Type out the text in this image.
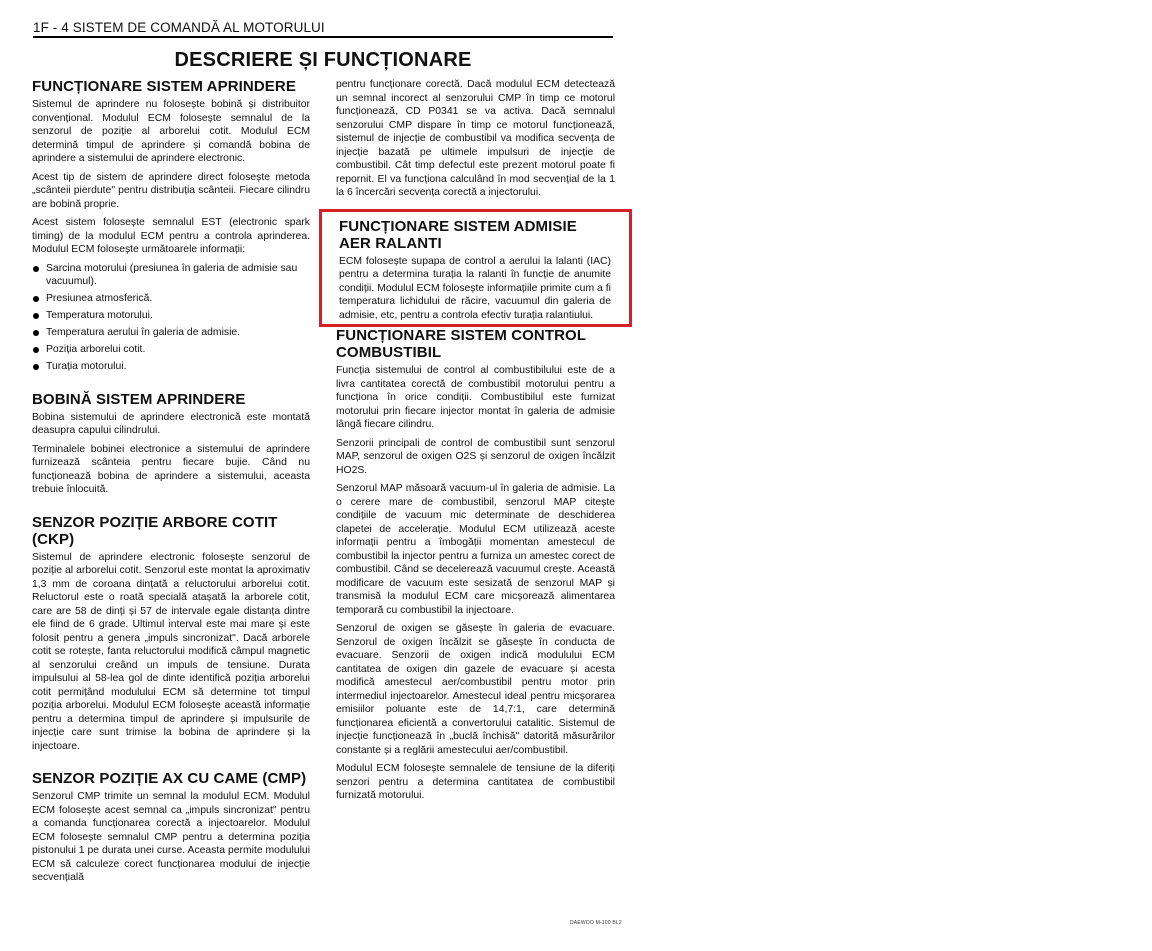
1F - 4 SISTEM DE COMANDĂ AL MOTORULUI
DESCRIERE ȘI FUNCȚIONARE
FUNCȚIONARE SISTEM APRINDERE

Sistemul de aprindere nu folosește bobină și distribuitor convențional. Modulul ECM folosește semnalul de la senzorul de poziție al arborelui cotit. Modulul ECM determină timpul de aprindere și comandă bobina de aprindere a sistemului de aprindere electronic.

Acest tip de sistem de aprindere direct folosește metoda „scânteii pierdute" pentru distribuția scânteii. Fiecare cilindru are bobină proprie.

Acest sistem folosește semnalul EST (electronic spark timing) de la modulul ECM pentru a controla aprinderea. Modulul ECM folosește următoarele informații:

Sarcina motorului (presiunea în galeria de admisie sau vacuumul).
Presiunea atmosferică.
Temperatura motorului.
Temperatura aerului în galeria de admisie.
Poziția arborelui cotit.
Turația motorului.
BOBINĂ SISTEM APRINDERE

Bobina sistemului de aprindere electronică este montată deasupra capului cilindrului.

Terminalele bobinei electronice a sistemului de aprindere furnizează scânteia pentru fiecare bujie. Când nu funcționează bobina de aprindere a sistemului, aceasta trebuie înlocuită.

SENZOR POZIȚIE ARBORE COTIT (CKP)

Sistemul de aprindere electronic folosește senzorul de poziție al arborelui cotit. Senzorul este montat la aproximativ 1,3 mm de coroana dințată a reluctorului arborelui cotit. Reluctorul este o roată specială atașată la arborele cotit, care are 58 de dinți și 57 de intervale egale distanța dintre ele fiind de 6 grade. Ultimul interval este mai mare și este folosit pentru a genera „impuls sincronizat". Dacă arborele cotit se rotește, fanta reluctorului modifică câmpul magnetic al senzorului creând un impuls de tensiune. Durata impulsului al 58-lea gol de dinte identifică poziția arborelui cotit permițând modulului ECM să determine tot timpul poziția arborelui. Modulul ECM folosește această informație pentru a determina timpul de aprindere și impulsurile de injecție care sunt trimise la bobina de aprindere și la injectoare.

SENZOR POZIȚIE AX CU CAME (CMP)

Senzorul CMP trimite un semnal la modulul ECM. Modulul ECM folosește acest semnal ca „impuls sincronizat" pentru a comanda funcționarea corectă a injectoarelor. Modulul ECM folosește semnalul CMP pentru a determina poziția pistonului 1 pe durata unei curse. Aceasta permite modulului ECM să calculeze corect funcționarea modului de injecție secvențială

pentru funcționare corectă. Dacă modulul ECM detectează un semnal incorect al senzorului CMP în timp ce motorul funcționează, CD P0341 se va activa. Dacă semnalul senzorului CMP dispare în timp ce motorul funcționează, sistemul de injecție de combustibil va modifica secvența de injecție bazată pe ultimele impulsuri de injecție de combustibil. Cât timp defectul este prezent motorul poate fi repornit. El va funcționa calculând în mod secvențial de la 1 la 6 încercări secvența corectă a injectorului.

FUNCȚIONARE SISTEM ADMISIE AER RALANTI

ECM folosește supapa de control a aerului la lalanti (IAC) pentru a determina turația la ralanti în funcție de anumite condiții. Modulul ECM folosește informațiile primite cum a fi temperatura lichidului de răcire, vacuumul din galeria de admisie, etc, pentru a controla efectiv turația ralantiului.

FUNCȚIONARE SISTEM CONTROL COMBUSTIBIL

Funcția sistemului de control al combustibilului este de a livra cantitatea corectă de combustibil motorului pentru a funcționa în orice condiții. Combustibilul este furnizat motorului prin fiecare injector montat în galeria de admisie lângă fiecare cilindru.

Senzorii principali de control de combustibil sunt senzorul MAP, senzorul de oxigen O2S și senzorul de oxigen încălzit HO2S.

Senzorul MAP măsoară vacuum-ul în galeria de admisie. La o cerere mare de combustibil, senzorul MAP citește condițiile de vacuum mic determinate de deschiderea clapetei de accelerație. Modulul ECM utilizează aceste informații pentru a îmbogății momentan amestecul de combustibil la injector pentru a furniza un amestec corect de combustibil. Când se decelerează vacuumul crește. Această modificare de vacuum este sesizată de senzorul MAP și transmisă la modulul ECM care micșorează alimentarea temporară cu combustibil la injectoare.

Senzorul de oxigen se găsește în galeria de evacuare. Senzorul de oxigen încălzit se găsește în conducta de evacuare. Senzorii de oxigen indică modulului ECM cantitatea de oxigen din gazele de evacuare și acesta modifică amestecul aer/combustibil pentru motor prin intermediul injectoarelor. Amestecul ideal pentru micșorarea emisiilor poluante este de 14,7:1, care determină funcționarea eficientă a convertorului catalitic. Sistemul de injecție funcționează în „buclă închisă" datorită măsurărilor constante și a reglării amestecului aer/combustibil.

Modulul ECM folosește semnalele de tensiune de la diferiți senzori pentru a determina cantitatea de combustibil furnizată motorului.

DAEWOO M-100 BL2
